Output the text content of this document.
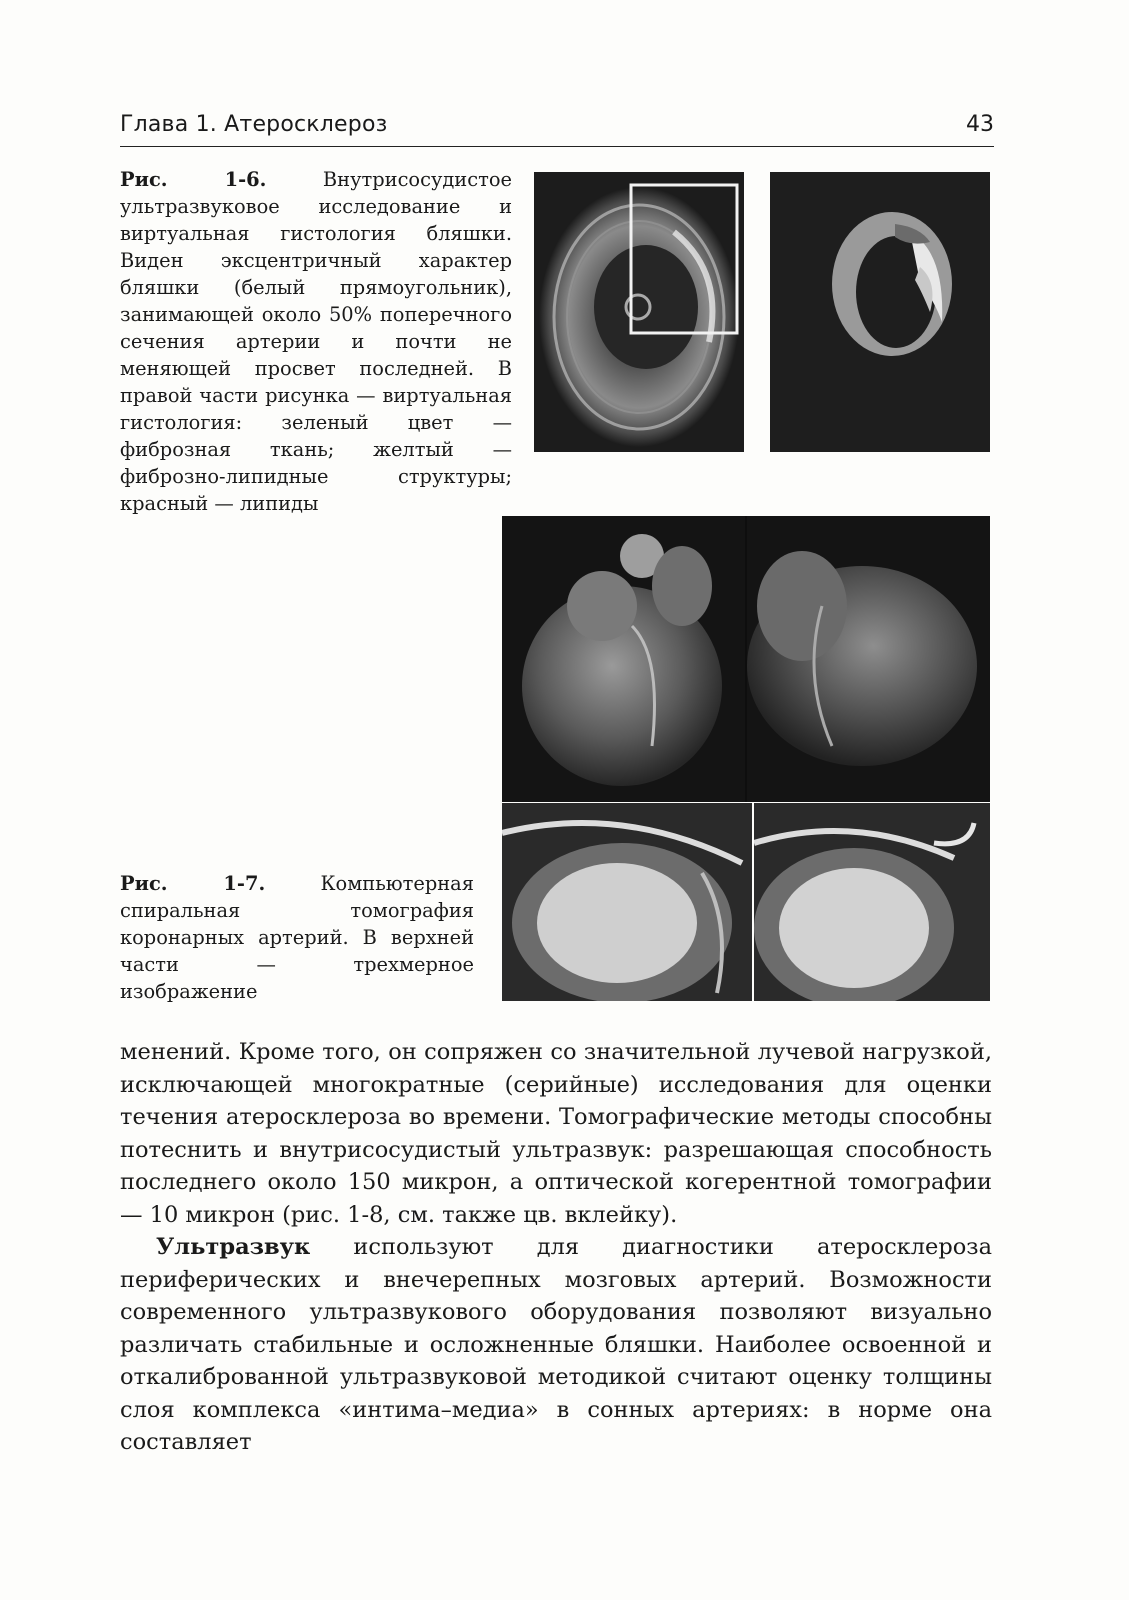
Глава 1. Атеросклероз	43
Рис. 1-6.	Внутрисосудистое ультразвуковое исследование и виртуальная гистология бляшки. Виден эксцентричный характер бляшки (белый прямоугольник), занимающей около 50% поперечного сечения артерии и почти не меняющей просвет последней. В правой части рисунка — виртуальная гистология: зеленый цвет — фиброзная ткань; желтый — фиброзно-липидные структуры; красный — липиды
Рис. 1-7.	Компьютерная спиральная томография коронарных артерий. В верхней части — трехмерное изображение

менений. Кроме того, он сопряжен со значительной лучевой нагрузкой, исключающей многократные (серийные) исследования для оценки течения атеросклероза во времени. Томографические методы способны потеснить и внутрисосудистый ультразвук: разрешающая способность последнего около 150 микрон, а оптической когерентной томографии — 10 микрон (рис. 1-8, см. также цв. вклейку).

Ультразвук используют для диагностики атеросклероза периферических и внечерепных мозговых артерий. Возможности современного ультразвукового оборудования позволяют визуально различать стабильные и осложненные бляшки. Наиболее освоенной и откалиброванной ультразвуковой методикой считают оценку толщины слоя комплекса «интима–медиа» в сонных артериях: в норме она составляет
